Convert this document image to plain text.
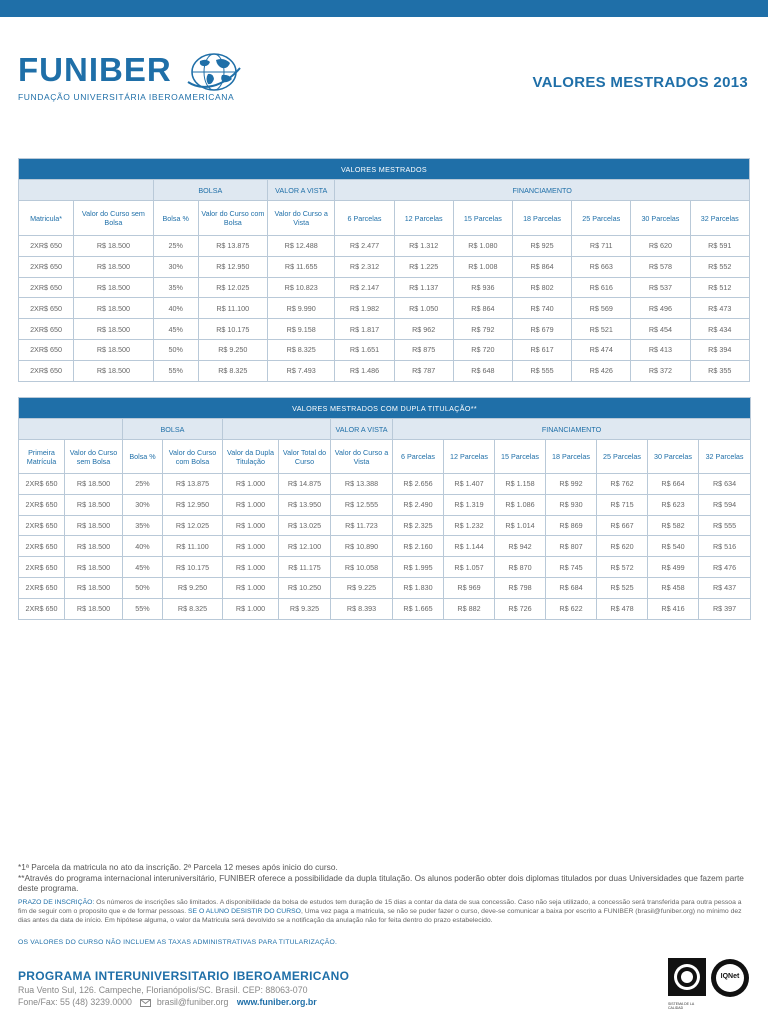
FUNIBER
FUNDAÇÃO UNIVERSITÁRIA IBEROAMERICANA
VALORES MESTRADOS 2013
VALORES MESTRADOS											
		BOLSA		VALOR A VISTA	FINANCIAMENTO						
Matricula*	Valor do Curso sem Bolsa	Bolsa %	Valor do Curso com Bolsa	Valor do Curso a Vista	6 Parcelas	12 Parcelas	15 Parcelas	18 Parcelas	25 Parcelas	30 Parcelas	32 Parcelas
2XR$ 650	R$ 18.500	25%	R$ 13.875	R$ 12.488	R$ 2.477	R$ 1.312	R$ 1.080	R$ 925	R$ 711	R$ 620	R$ 591
2XR$ 650	R$ 18.500	30%	R$ 12.950	R$ 11.655	R$ 2.312	R$ 1.225	R$ 1.008	R$ 864	R$ 663	R$ 578	R$ 552
2XR$ 650	R$ 18.500	35%	R$ 12.025	R$ 10.823	R$ 2.147	R$ 1.137	R$ 936	R$ 802	R$ 616	R$ 537	R$ 512
2XR$ 650	R$ 18.500	40%	R$ 11.100	R$ 9.990	R$ 1.982	R$ 1.050	R$ 864	R$ 740	R$ 569	R$ 496	R$ 473
2XR$ 650	R$ 18.500	45%	R$ 10.175	R$ 9.158	R$ 1.817	R$ 962	R$ 792	R$ 679	R$ 521	R$ 454	R$ 434
2XR$ 650	R$ 18.500	50%	R$ 9.250	R$ 8.325	R$ 1.651	R$ 875	R$ 720	R$ 617	R$ 474	R$ 413	R$ 394
2XR$ 650	R$ 18.500	55%	R$ 8.325	R$ 7.493	R$ 1.486	R$ 787	R$ 648	R$ 555	R$ 426	R$ 372	R$ 355
VALORES MESTRADOS COM DUPLA TITULAÇÃO**													
		BOLSA				VALOR A VISTA	FINANCIAMENTO						
Primeira Matrícula	Valor do Curso sem Bolsa	Bolsa %	Valor do Curso com Bolsa	Valor da Dupla Titulação	Valor Total do Curso	Valor do Curso a Vista	6 Parcelas	12 Parcelas	15 Parcelas	18 Parcelas	25 Parcelas	30 Parcelas	32 Parcelas
2XR$ 650	R$ 18.500	25%	R$ 13.875	R$ 1.000	R$ 14.875	R$ 13.388	R$ 2.656	R$ 1.407	R$ 1.158	R$ 992	R$ 762	R$ 664	R$ 634
2XR$ 650	R$ 18.500	30%	R$ 12.950	R$ 1.000	R$ 13.950	R$ 12.555	R$ 2.490	R$ 1.319	R$ 1.086	R$ 930	R$ 715	R$ 623	R$ 594
2XR$ 650	R$ 18.500	35%	R$ 12.025	R$ 1.000	R$ 13.025	R$ 11.723	R$ 2.325	R$ 1.232	R$ 1.014	R$ 869	R$ 667	R$ 582	R$ 555
2XR$ 650	R$ 18.500	40%	R$ 11.100	R$ 1.000	R$ 12.100	R$ 10.890	R$ 2.160	R$ 1.144	R$ 942	R$ 807	R$ 620	R$ 540	R$ 516
2XR$ 650	R$ 18.500	45%	R$ 10.175	R$ 1.000	R$ 11.175	R$ 10.058	R$ 1.995	R$ 1.057	R$ 870	R$ 745	R$ 572	R$ 499	R$ 476
2XR$ 650	R$ 18.500	50%	R$ 9.250	R$ 1.000	R$ 10.250	R$ 9.225	R$ 1.830	R$ 969	R$ 798	R$ 684	R$ 525	R$ 458	R$ 437
2XR$ 650	R$ 18.500	55%	R$ 8.325	R$ 1.000	R$ 9.325	R$ 8.393	R$ 1.665	R$ 882	R$ 726	R$ 622	R$ 478	R$ 416	R$ 397

*1ª Parcela da matricula no ato da inscrição. 2ª Parcela 12 meses após inicio do curso.

**Através do programa internacional interuniversitário, FUNIBER oferece a possibilidade da dupla titulação. Os alunos poderão obter dois diplomas titulados por duas Universidades que fazem parte deste programa.

PRAZO DE INSCRIÇÃO: Os números de inscrições são limitados. A disponibilidade da bolsa de estudos tem duração de 15 dias a contar da data de sua concessão. Caso não seja utilizado, a concessão será transferida para outra pessoa a fim de seguir com o proposito que e de formar pessoas. SE O ALUNO DESISTIR DO CURSO, Uma vez paga a matricula, se não se puder fazer o curso, deve-se comunicar a baixa por escrito a FUNIBER (brasil@funiber.org) no mínimo dez dias antes da data de início. Em hipótese alguma, o valor da Matricula será devolvido se a notificação da anulação não for feita dentro do prazo estabelecido.
OS VALORES DO CURSO NÃO INCLUEM AS TAXAS ADMINISTRATIVAS PARA TITULARIZAÇÃO.
PROGRAMA INTERUNIVERSITARIO IBEROAMERICANO
Rua Vento Sul, 126. Campeche, Florianópolis/SC. Brasil. CEP: 88063-070
Fone/Fax: 55 (48) 3239.0000	brasil@funiber.org www.funiber.org.br	SISTEMA DE LA CALIDAD
IQNet
